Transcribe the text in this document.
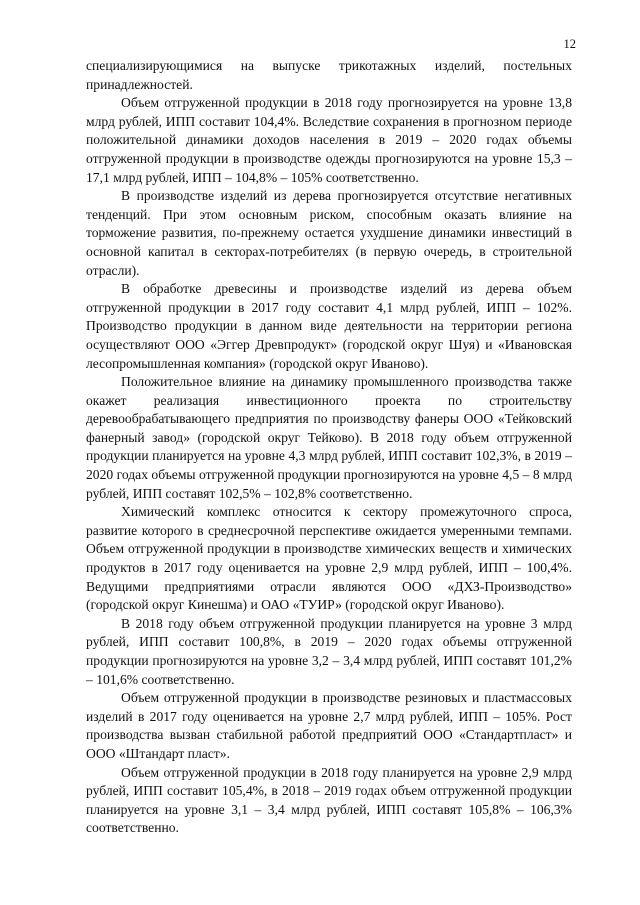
12

специализирующимися на выпуске трикотажных изделий, постельных принадлежностей.

Объем отгруженной продукции в 2018 году прогнозируется на уровне 13,8 млрд рублей, ИПП составит 104,4%. Вследствие сохранения в прогнозном периоде положительной динамики доходов населения в 2019 – 2020 годах объемы отгруженной продукции в производстве одежды прогнозируются на уровне 15,3 – 17,1 млрд рублей, ИПП – 104,8% – 105% соответственно.

В производстве изделий из дерева прогнозируется отсутствие негативных тенденций. При этом основным риском, способным оказать влияние на торможение развития, по-прежнему остается ухудшение динамики инвестиций в основной капитал в секторах-потребителях (в первую очередь, в строительной отрасли).

В обработке древесины и производстве изделий из дерева объем отгруженной продукции в 2017 году составит 4,1 млрд рублей, ИПП – 102%. Производство продукции в данном виде деятельности на территории региона осуществляют ООО «Эггер Древпродукт» (городской округ Шуя) и «Ивановская лесопромышленная компания» (городской округ Иваново).

Положительное влияние на динамику промышленного производства также окажет реализация инвестиционного проекта по строительству деревообрабатывающего предприятия по производству фанеры ООО «Тейковский фанерный завод» (городской округ Тейково). В 2018 году объем отгруженной продукции планируется на уровне 4,3 млрд рублей, ИПП составит 102,3%, в 2019 – 2020 годах объемы отгруженной продукции прогнозируются на уровне 4,5 – 8 млрд рублей, ИПП составят 102,5% – 102,8% соответственно.

Химический комплекс относится к сектору промежуточного спроса, развитие которого в среднесрочной перспективе ожидается умеренными темпами. Объем отгруженной продукции в производстве химических веществ и химических продуктов в 2017 году оценивается на уровне 2,9 млрд рублей, ИПП – 100,4%. Ведущими предприятиями отрасли являются ООО «ДХЗ-Производство» (городской округ Кинешма) и ОАО «ТУИР» (городской округ Иваново).

В 2018 году объем отгруженной продукции планируется на уровне 3 млрд рублей, ИПП составит 100,8%, в 2019 – 2020 годах объемы отгруженной продукции прогнозируются на уровне 3,2 – 3,4 млрд рублей, ИПП составят 101,2% – 101,6% соответственно.

Объем отгруженной продукции в производстве резиновых и пластмассовых изделий в 2017 году оценивается на уровне 2,7 млрд рублей, ИПП – 105%. Рост производства вызван стабильной работой предприятий ООО «Стандартпласт» и ООО «Штандарт пласт».

Объем отгруженной продукции в 2018 году планируется на уровне 2,9 млрд рублей, ИПП составит 105,4%, в 2018 – 2019 годах объем отгруженной продукции планируется на уровне 3,1 – 3,4 млрд рублей, ИПП составят 105,8% – 106,3% соответственно.
